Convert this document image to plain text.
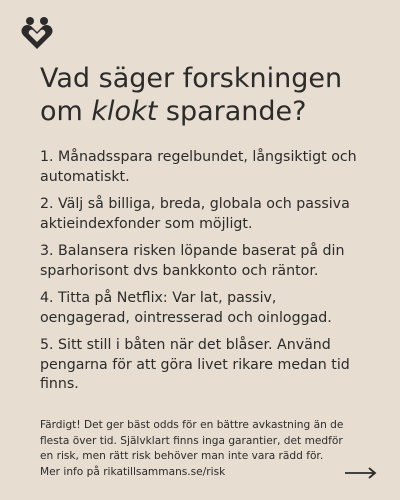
Vad säger forskningen
om klokt sparande?
1. Månadsspara regelbundet, långsiktigt och automatiskt.
2. Välj så billiga, breda, globala och passiva aktieindexfonder som möjligt.
3. Balansera risken löpande baserat på din sparhorisont dvs bankkonto och räntor.
4. Titta på Netflix: Var lat, passiv, oengagerad, ointresserad och oinloggad.
5. Sitt still i båten när det blåser. Använd pengarna för att göra livet rikare medan tid finns.

Färdigt! Det ger bäst odds för en bättre avkastning än de flesta över tid. Självklart finns inga garantier, det medför en risk, men rätt risk behöver man inte vara rädd för. Mer info på rikatillsammans.se/risk
